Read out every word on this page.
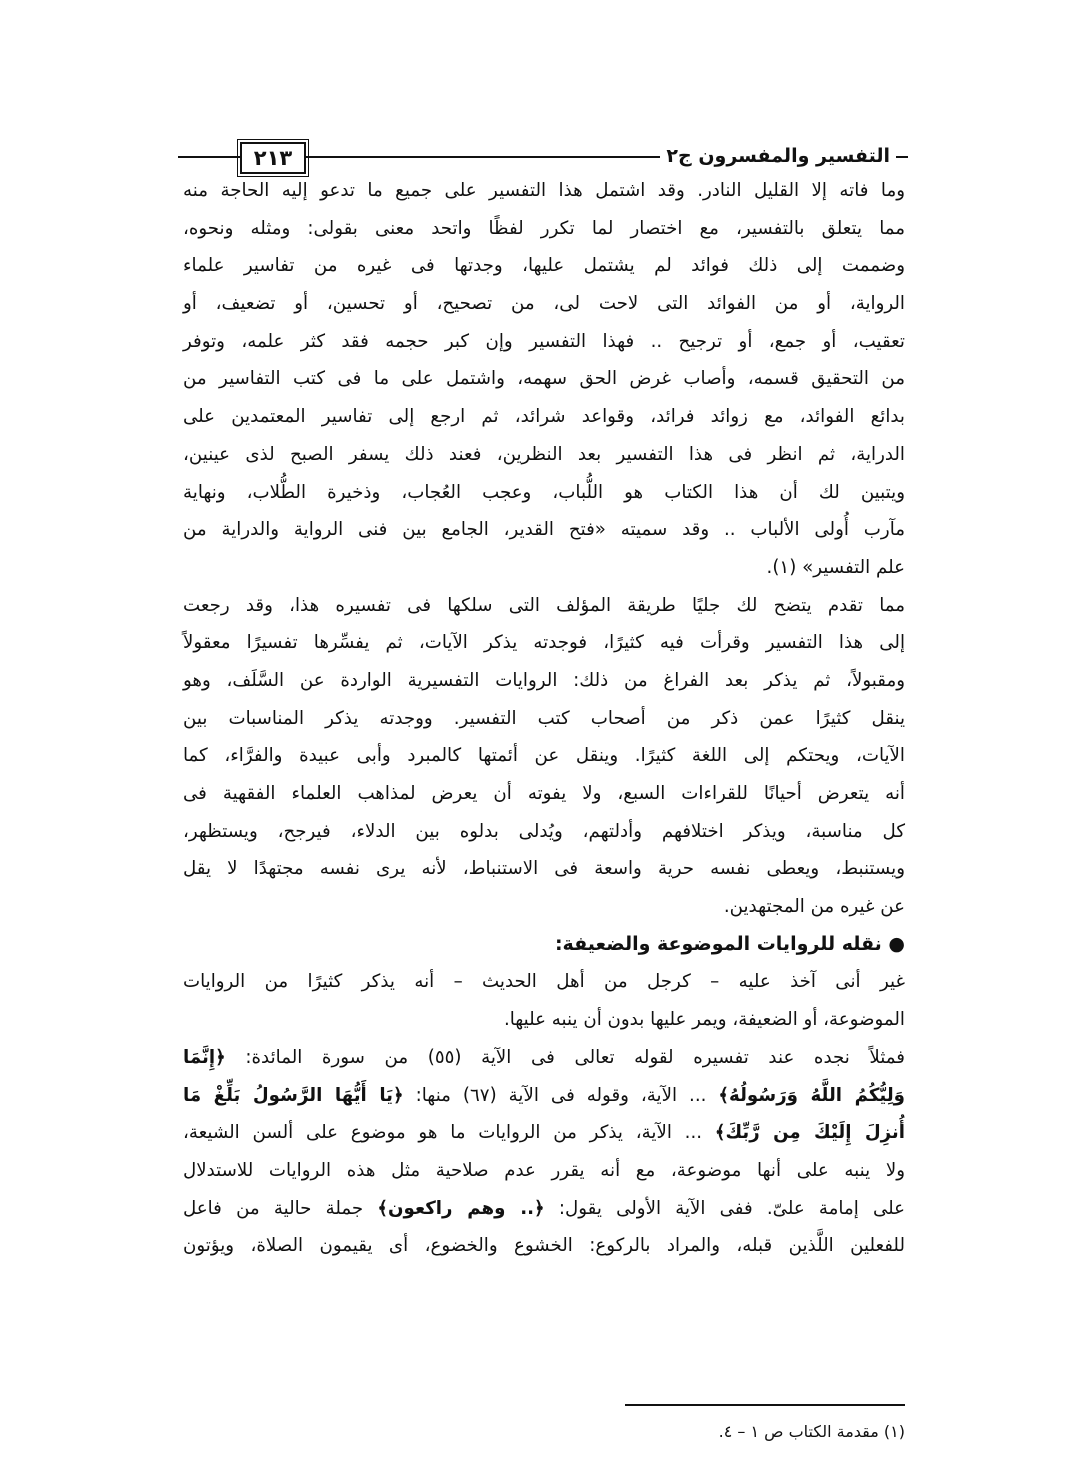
٢١٣	التفسير والمفسرون ج٢
وما فاته إلا القليل النادر. وقد اشتمل هذا التفسير على جميع ما تدعو إليه الحاجة منه
مما يتعلق بالتفسير، مع اختصار لما تكرر لفظًا واتحد معنى بقولى: ومثله ونحوه،
وضممت إلى ذلك فوائد لم يشتمل عليها، وجدتها فى غيره من تفاسير علماء
الرواية، أو من الفوائد التى لاحت لى، من تصحيح، أو تحسين، أو تضعيف، أو
تعقيب، أو جمع، أو ترجيح .. فهذا التفسير وإن كبر حجمه فقد كثر علمه، وتوفر
من التحقيق قسمه، وأصاب غرض الحق سهمه، واشتمل على ما فى كتب التفاسير من
بدائع الفوائد، مع زوائد فرائد، وقواعد شرائد، ثم ارجع إلى تفاسير المعتمدين على
الدراية، ثم انظر فى هذا التفسير بعد النظرين، فعند ذلك يسفر الصبح لذى عينين،
ويتبين لك أن هذا الكتاب هو اللُّباب، وعجب العُجاب، وذخيرة الطُّلاب، ونهاية
مآرب أُولى الألباب .. وقد سميته «فتح القدير، الجامع بين فنى الرواية والدراية من
علم التفسير» (١).
مما تقدم يتضح لك جليًا طريقة المؤلف التى سلكها فى تفسيره هذا، وقد رجعت
إلى هذا التفسير وقرأت فيه كثيرًا، فوجدته يذكر الآيات، ثم يفسِّرها تفسيرًا معقولاً
ومقبولاً، ثم يذكر بعد الفراغ من ذلك: الروايات التفسيرية الواردة عن السَّلَف، وهو
ينقل كثيرًا عمن ذكر من أصحاب كتب التفسير. ووجدته يذكر المناسبات بين
الآيات، ويحتكم إلى اللغة كثيرًا. وينقل عن أئمتها كالمبرد وأبى عبيدة والفرَّاء، كما
أنه يتعرض أحيانًا للقراءات السبع، ولا يفوته أن يعرض لمذاهب العلماء الفقهية فى
كل مناسبة، ويذكر اختلافهم وأدلتهم، ويُدلى بدلوه بين الدلاء، فيرجح، ويستظهر،
ويستنبط، ويعطى نفسه حرية واسعة فى الاستنباط، لأنه يرى نفسه مجتهدًا لا يقل
عن غيره من المجتهدين.
● نقله للروايات الموضوعة والضعيفة:
غير أنى آخذ عليه – كرجل من أهل الحديث – أنه يذكر كثيرًا من الروايات
الموضوعة، أو الضعيفة، ويمر عليها بدون أن ينبه عليها.
فمثلاً نجده عند تفسيره لقوله تعالى فى الآية (٥٥) من سورة المائدة: ﴿إِنَّمَا
وَلِيُّكُمُ اللَّهُ وَرَسُولُهُ﴾ ... الآية، وقوله فى الآية (٦٧) منها: ﴿يَا أَيُّهَا الرَّسُولُ بَلِّغْ مَا
أُنزِلَ إِلَيْكَ مِن رَّبِّكَ﴾ ... الآية، يذكر من الروايات ما هو موضوع على ألسن الشيعة،
ولا ينبه على أنها موضوعة، مع أنه يقرر عدم صلاحية مثل هذه الروايات للاستدلال
على إمامة علىّ. ففى الآية الأولى يقول: ﴿.. وهم راكعون﴾ جملة حالية من فاعل
للفعلين اللَّذين قبله، والمراد بالركوع: الخشوع والخضوع، أى يقيمون الصلاة، ويؤتون
(١) مقدمة الكتاب ص ١ – ٤.
